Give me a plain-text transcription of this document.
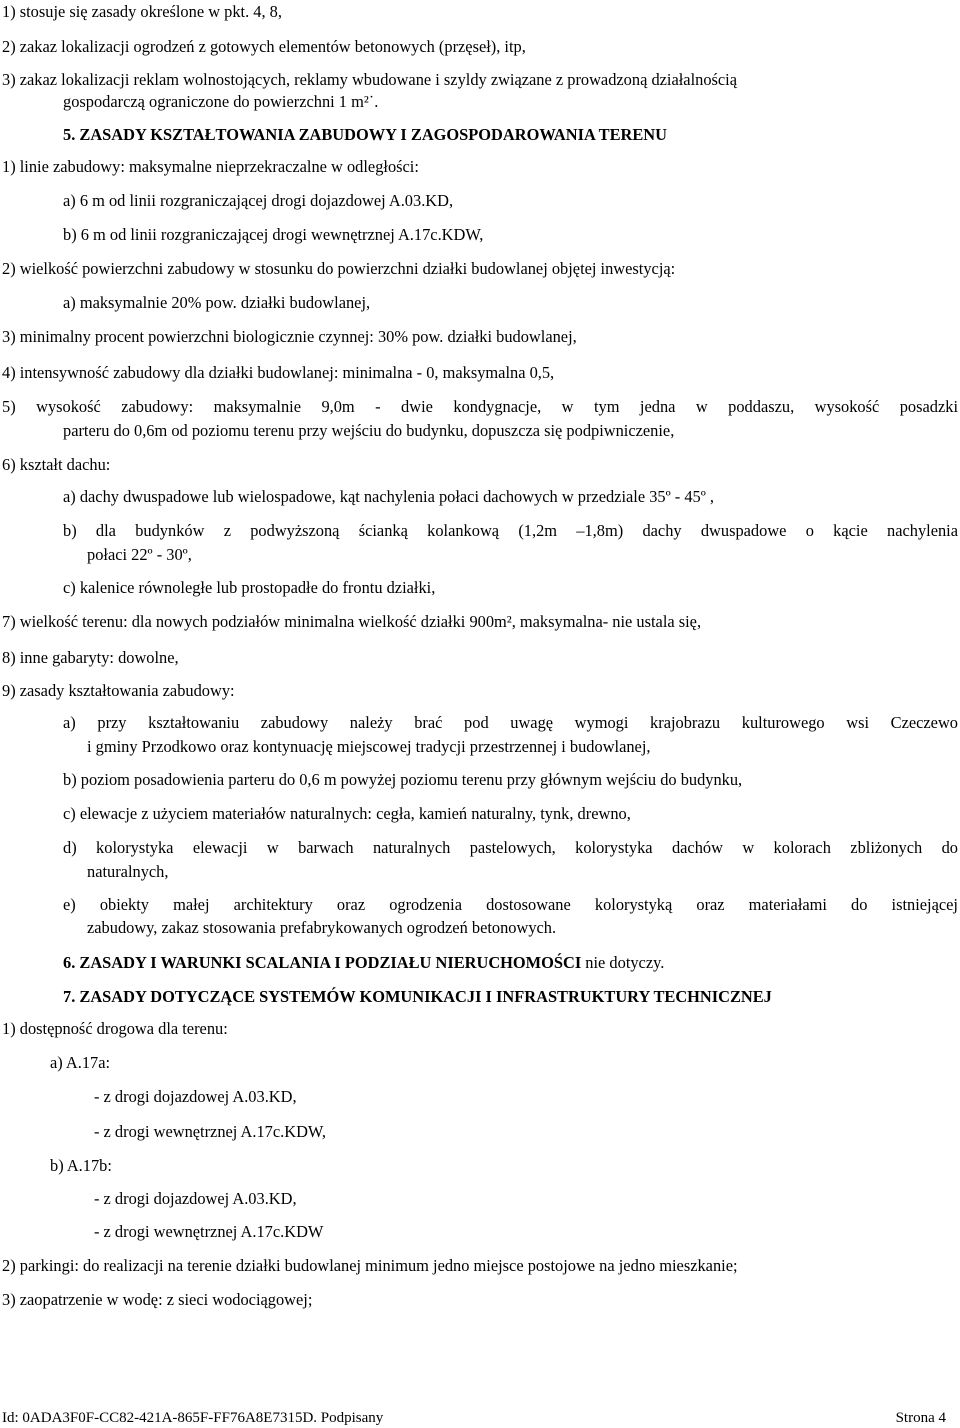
1) stosuje się zasady określone w pkt. 4, 8,
2) zakaz lokalizacji ogrodzeń z gotowych elementów betonowych (przęseł), itp,
3) zakaz lokalizacji reklam wolnostojących, reklamy wbudowane i szyldy związane z prowadzoną działalnością
gospodarczą ograniczone do powierzchni 1 m²˙.
5. ZASADY KSZTAŁTOWANIA ZABUDOWY I ZAGOSPODAROWANIA TERENU
1) linie zabudowy: maksymalne nieprzekraczalne w odległości:
a) 6 m od linii rozgraniczającej drogi dojazdowej A.03.KD,
b) 6 m od linii rozgraniczającej drogi wewnętrznej A.17c.KDW,
2) wielkość powierzchni zabudowy w stosunku do powierzchni działki budowlanej objętej inwestycją:
a) maksymalnie 20% pow. działki budowlanej,
3) minimalny procent powierzchni biologicznie czynnej: 30% pow. działki budowlanej,
4) intensywność zabudowy dla działki budowlanej: minimalna - 0, maksymalna 0,5,
5) wysokość zabudowy: maksymalnie 9,0m - dwie kondygnacje, w tym jedna w poddaszu, wysokość posadzki
parteru do 0,6m od poziomu terenu przy wejściu do budynku, dopuszcza się podpiwniczenie,
6) kształt dachu:
a) dachy dwuspadowe lub wielospadowe, kąt nachylenia połaci dachowych w przedziale 35º - 45º ,
b) dla budynków z podwyższoną ścianką kolankową (1,2m –1,8m) dachy dwuspadowe o kącie nachylenia
połaci 22º - 30º,
c) kalenice równoległe lub prostopadłe do frontu działki,
7) wielkość terenu: dla nowych podziałów minimalna wielkość działki 900m², maksymalna- nie ustala się,
8) inne gabaryty: dowolne,
9) zasady kształtowania zabudowy:
a) przy kształtowaniu zabudowy należy brać pod uwagę wymogi krajobrazu kulturowego wsi Czeczewo
i gminy Przodkowo oraz kontynuację miejscowej tradycji przestrzennej i budowlanej,
b) poziom posadowienia parteru do 0,6 m powyżej poziomu terenu przy głównym wejściu do budynku,
c) elewacje z użyciem materiałów naturalnych: cegła, kamień naturalny, tynk, drewno,
d) kolorystyka elewacji w barwach naturalnych pastelowych, kolorystyka dachów w kolorach zbliżonych do
naturalnych,
e) obiekty małej architektury oraz ogrodzenia dostosowane kolorystyką oraz materiałami do istniejącej
zabudowy, zakaz stosowania prefabrykowanych ogrodzeń betonowych.
6. ZASADY I WARUNKI SCALANIA I PODZIAŁU NIERUCHOMOŚCI nie dotyczy.
7. ZASADY DOTYCZĄCE SYSTEMÓW KOMUNIKACJI I INFRASTRUKTURY TECHNICZNEJ
1) dostępność drogowa dla terenu:
a) A.17a:
- z drogi dojazdowej A.03.KD,
- z drogi wewnętrznej A.17c.KDW,
b) A.17b:
- z drogi dojazdowej A.03.KD,
- z drogi wewnętrznej A.17c.KDW
2) parkingi: do realizacji na terenie działki budowlanej minimum jedno miejsce postojowe na jedno mieszkanie;
3) zaopatrzenie w wodę: z sieci wodociągowej;
Id: 0ADA3F0F-CC82-421A-865F-FF76A8E7315D. Podpisany	Strona 4
